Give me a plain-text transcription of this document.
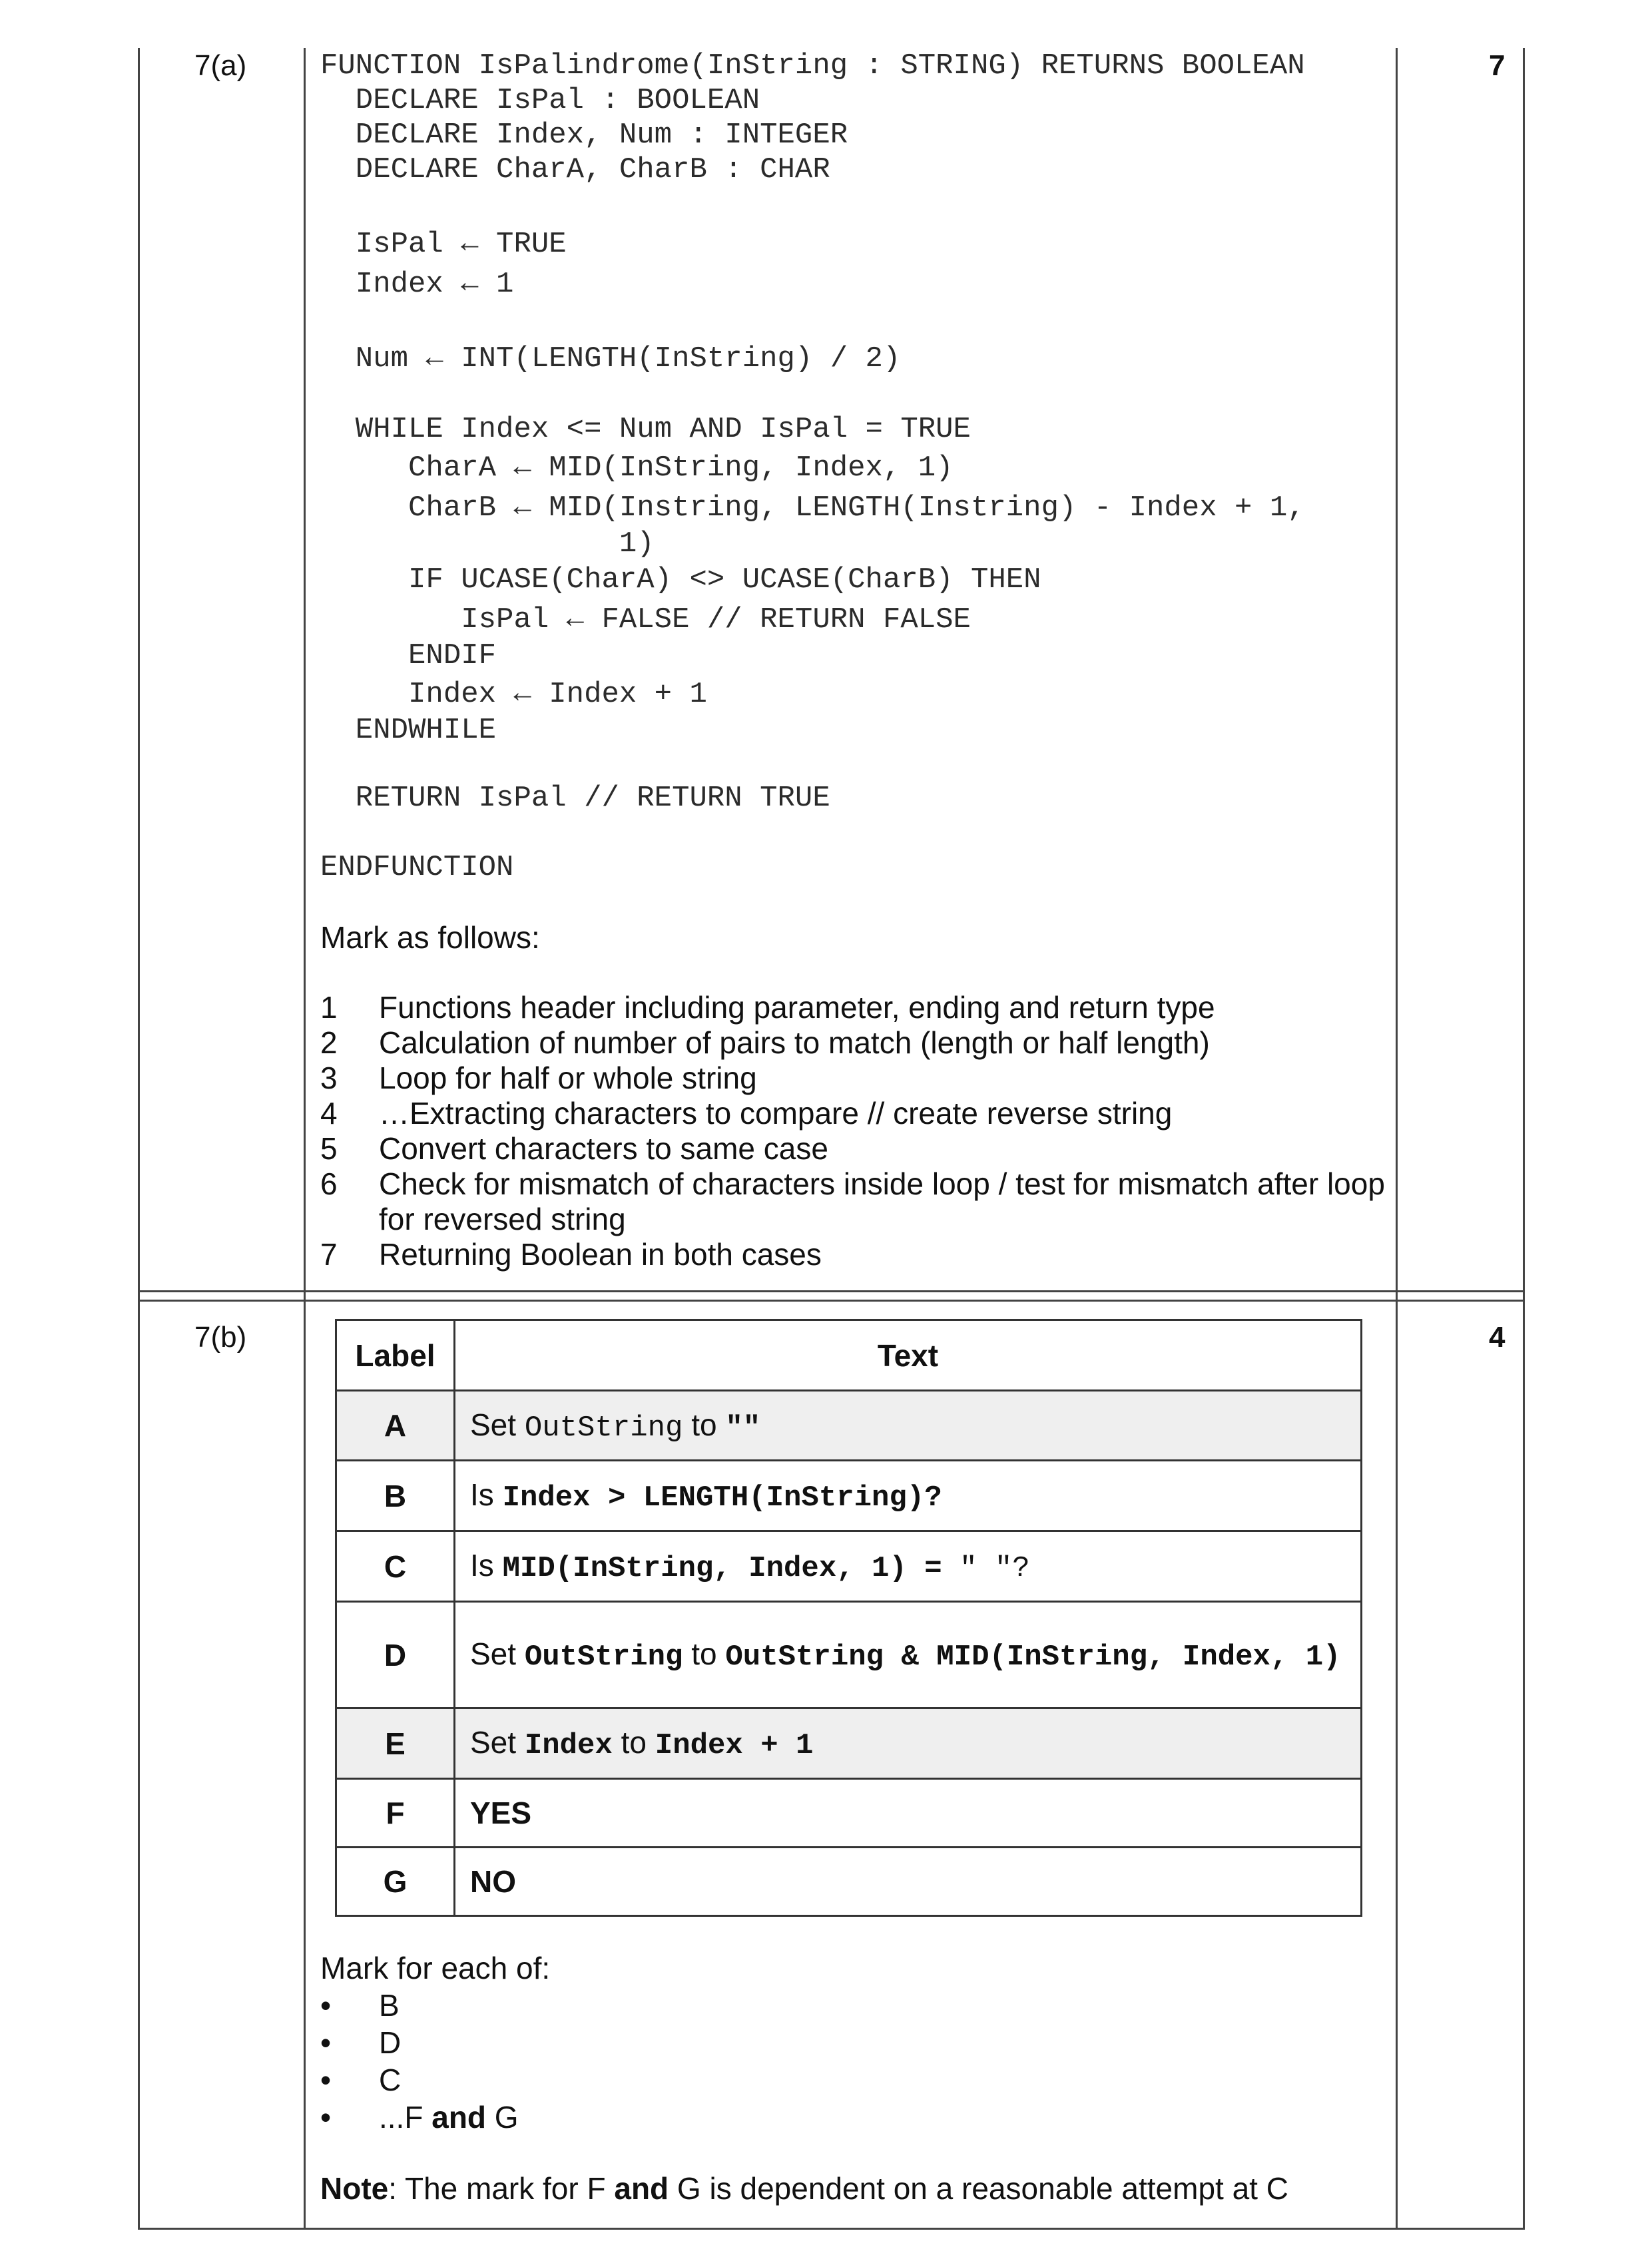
7(a)	7
FUNCTION IsPalindrome(InString : STRING) RETURNS BOOLEAN
DECLARE IsPal : BOOLEAN
DECLARE Index, Num : INTEGER
DECLARE CharA, CharB : CHAR
IsPal ← TRUE
Index ← 1
Num ← INT(LENGTH(InString) / 2)
WHILE Index <= Num AND IsPal = TRUE
CharA ← MID(InString, Index, 1)
CharB ← MID(Instring, LENGTH(Instring) - Index + 1,
1)
IF UCASE(CharA) <> UCASE(CharB) THEN
IsPal ← FALSE // RETURN FALSE
ENDIF
Index ← Index + 1
ENDWHILE
RETURN IsPal // RETURN TRUE
ENDFUNCTION
Mark as follows:
1	Functions header including parameter, ending and return type
2	Calculation of number of pairs to match (length or half length)
3	Loop for half or whole string
4	…Extracting characters to compare // create reverse string
5	Convert characters to same case
6	Check for mismatch of characters inside loop / test for mismatch after loop for reversed string
7	Returning Boolean in both cases
7(b)	4
Label	Text
A	Set OutString to ""
B	Is Index > LENGTH(InString)?
C	Is MID(InString, Index, 1) = " "?
D	Set OutString to OutString & MID(InString, Index, 1)
E	Set Index to Index + 1
F	YES
G	NO
Mark for each of:
• B
• D
• C
• ...F and G
Note: The mark for F and G is dependent on a reasonable attempt at C
